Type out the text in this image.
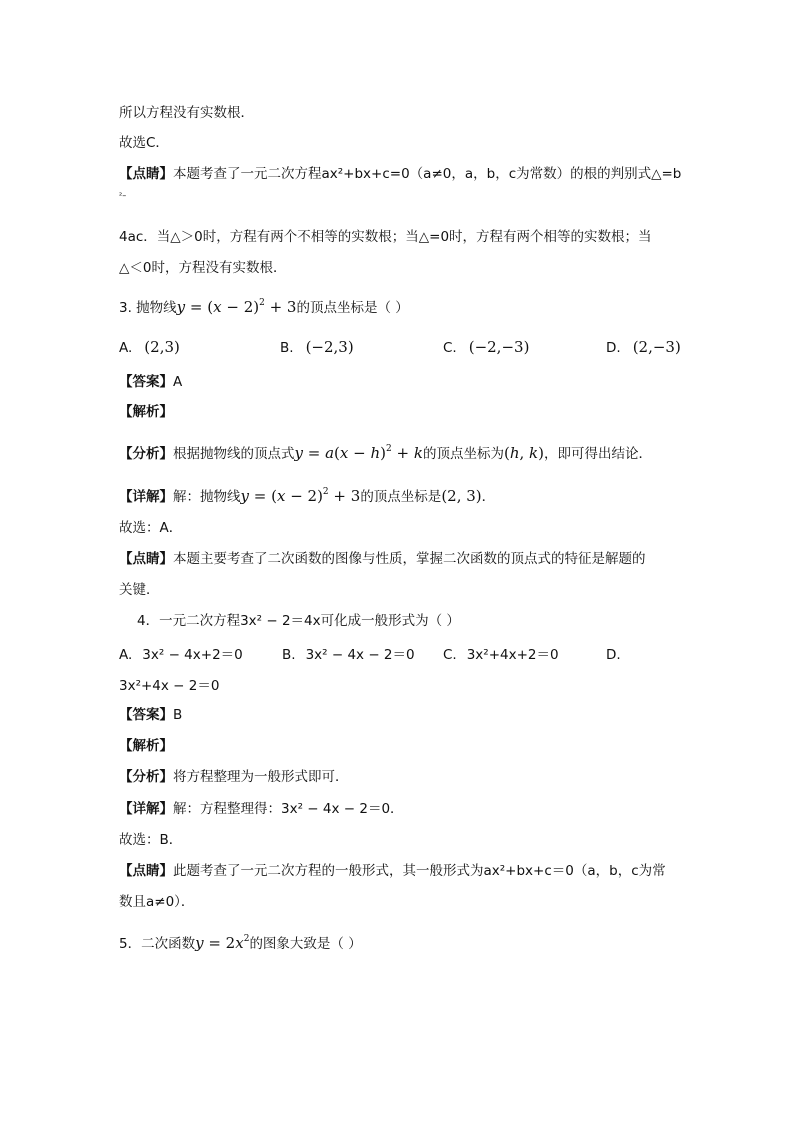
所以方程没有实数根．
故选C．
【点睛】本题考查了一元二次方程ax²+bx+c=0（a≠0，a，b，c为常数）的根的判别式△=b
²–
4ac．当△＞0时，方程有两个不相等的实数根；当△=0时，方程有两个相等的实数根；当
△＜0时，方程没有实数根．
3. 抛物线$y = (x - 2)^2 + 3$的顶点坐标是（ ）
A. (2,3)	B. (−2,3)	C. (−2,−3)	D. (2,−3)
【答案】A
【解析】
【分析】根据抛物线的顶点式$y = a(x - h)^2 + k$的顶点坐标为(h, k)，即可得出结论．
【详解】解：抛物线$y = (x - 2)^2 + 3$的顶点坐标是(2, 3)．
故选：A．
【点睛】本题主要考查了二次函数的图像与性质，掌握二次函数的顶点式的特征是解题的
关键．
4．一元二次方程3x² − 2＝4x可化成一般形式为（ ）
A. 3x² − 4x+2＝0	B. 3x² − 4x − 2＝0 C. 3x²+4x+2＝0	D.
3x²+4x − 2＝0
【答案】B
【解析】
【分析】将方程整理为一般形式即可．
【详解】解：方程整理得：3x² − 4x − 2＝0．
故选：B．
【点睛】此题考查了一元二次方程的一般形式，其一般形式为ax²+bx+c＝0（a，b，c为常
数且a≠0）．
5．二次函数$y = 2x^2$的图象大致是（ ）
